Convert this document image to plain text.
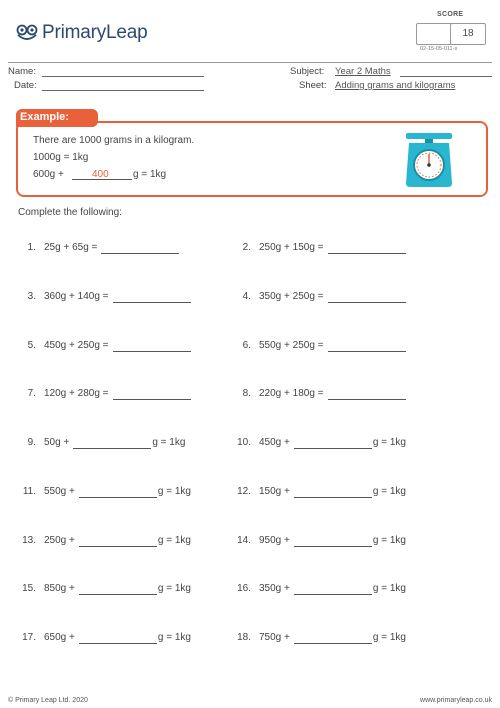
PrimaryLeap
SCORE
18
02-15-05-011-s
Name:
Date:
Subject: Year 2 Maths
Sheet: Adding grams and kilograms
Example:
There are 1000 grams in a kilogram.
1000g = 1kg
600g +	400 g = 1kg
Complete the following:
1. 25g + 65g =	2. 250g + 150g =
3. 360g + 140g =	4. 350g + 250g =
5. 450g + 250g =	6. 550g + 250g =
7. 120g + 280g =	8. 220g + 180g =
9. 50g +	g = 1kg	10. 450g +	g = 1kg
11. 550g +	g = 1kg	12. 150g +	g = 1kg
13. 250g +	g = 1kg	14. 950g +	g = 1kg
15. 850g +	g = 1kg	16. 350g +	g = 1kg
17. 650g +	g = 1kg	18. 750g +	g = 1kg
© Primary Leap Ltd. 2020	www.primaryleap.co.uk
